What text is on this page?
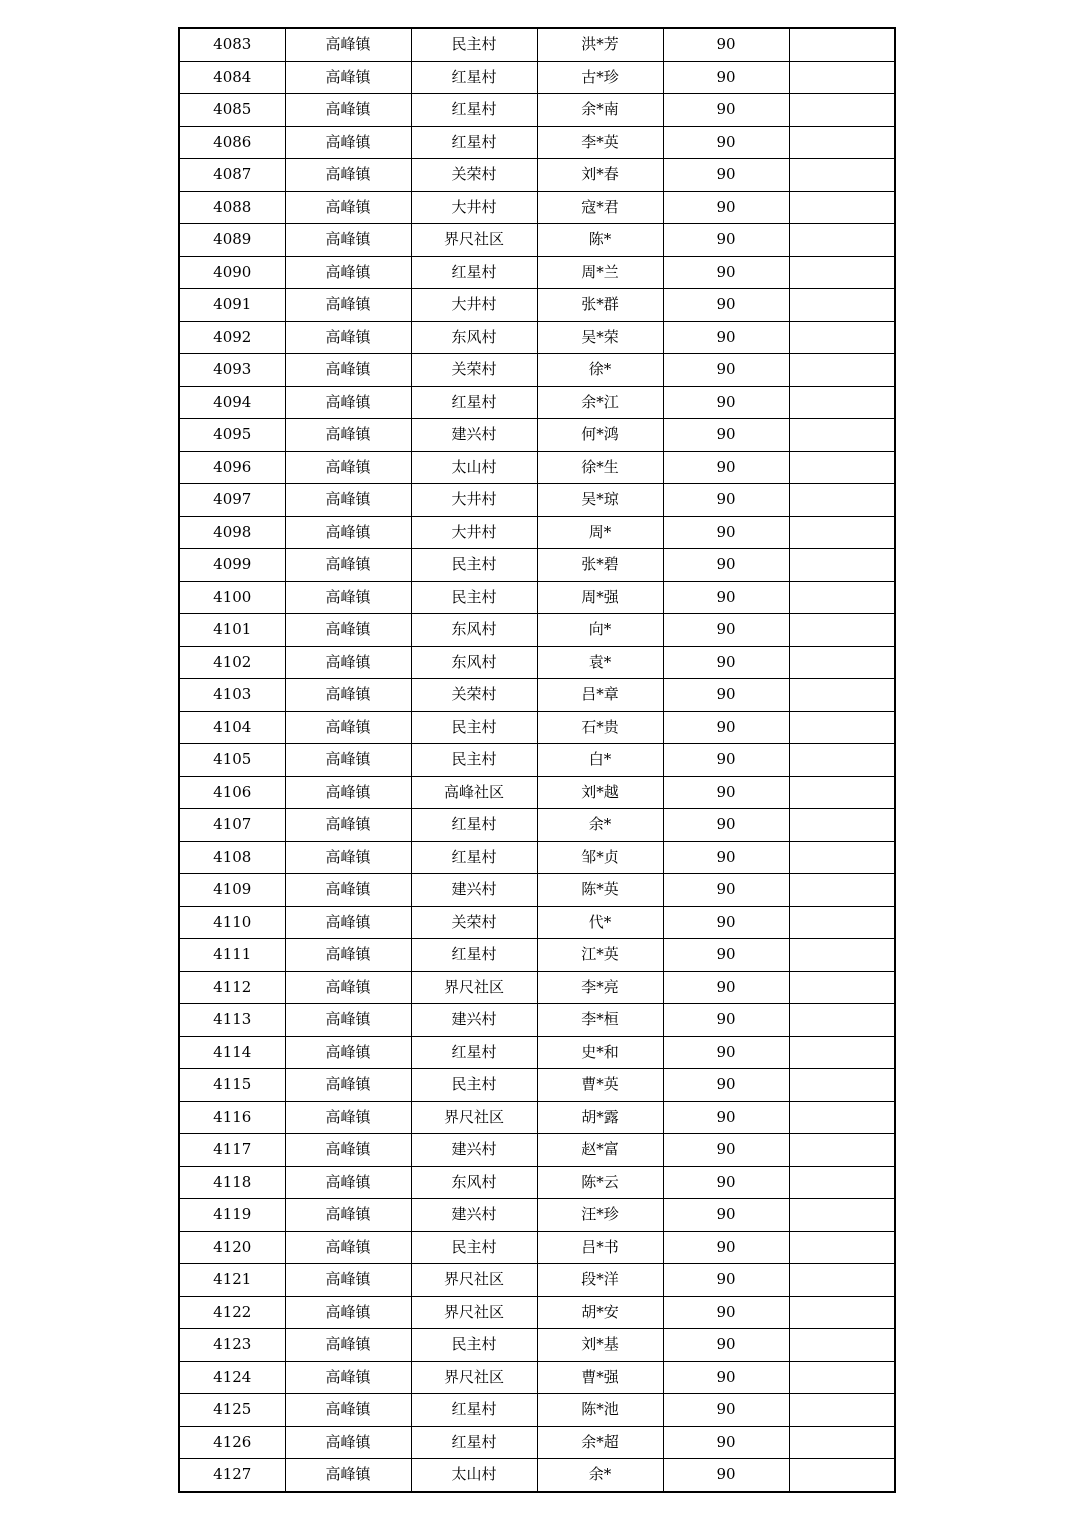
4083	高峰镇	民主村	洪*芳	90	
4084	高峰镇	红星村	古*珍	90	
4085	高峰镇	红星村	余*南	90	
4086	高峰镇	红星村	李*英	90	
4087	高峰镇	关荣村	刘*春	90	
4088	高峰镇	大井村	寇*君	90	
4089	高峰镇	界尺社区	陈*	90	
4090	高峰镇	红星村	周*兰	90	
4091	高峰镇	大井村	张*群	90	
4092	高峰镇	东风村	吴*荣	90	
4093	高峰镇	关荣村	徐*	90	
4094	高峰镇	红星村	余*江	90	
4095	高峰镇	建兴村	何*鸿	90	
4096	高峰镇	太山村	徐*生	90	
4097	高峰镇	大井村	吴*琼	90	
4098	高峰镇	大井村	周*	90	
4099	高峰镇	民主村	张*碧	90	
4100	高峰镇	民主村	周*强	90	
4101	高峰镇	东风村	向*	90	
4102	高峰镇	东风村	袁*	90	
4103	高峰镇	关荣村	吕*章	90	
4104	高峰镇	民主村	石*贵	90	
4105	高峰镇	民主村	白*	90	
4106	高峰镇	高峰社区	刘*越	90	
4107	高峰镇	红星村	余*	90	
4108	高峰镇	红星村	邹*贞	90	
4109	高峰镇	建兴村	陈*英	90	
4110	高峰镇	关荣村	代*	90	
4111	高峰镇	红星村	江*英	90	
4112	高峰镇	界尺社区	李*亮	90	
4113	高峰镇	建兴村	李*桓	90	
4114	高峰镇	红星村	史*和	90	
4115	高峰镇	民主村	曹*英	90	
4116	高峰镇	界尺社区	胡*露	90	
4117	高峰镇	建兴村	赵*富	90	
4118	高峰镇	东风村	陈*云	90	
4119	高峰镇	建兴村	汪*珍	90	
4120	高峰镇	民主村	吕*书	90	
4121	高峰镇	界尺社区	段*洋	90	
4122	高峰镇	界尺社区	胡*安	90	
4123	高峰镇	民主村	刘*基	90	
4124	高峰镇	界尺社区	曹*强	90	
4125	高峰镇	红星村	陈*池	90	
4126	高峰镇	红星村	余*超	90	
4127	高峰镇	太山村	余*	90	
